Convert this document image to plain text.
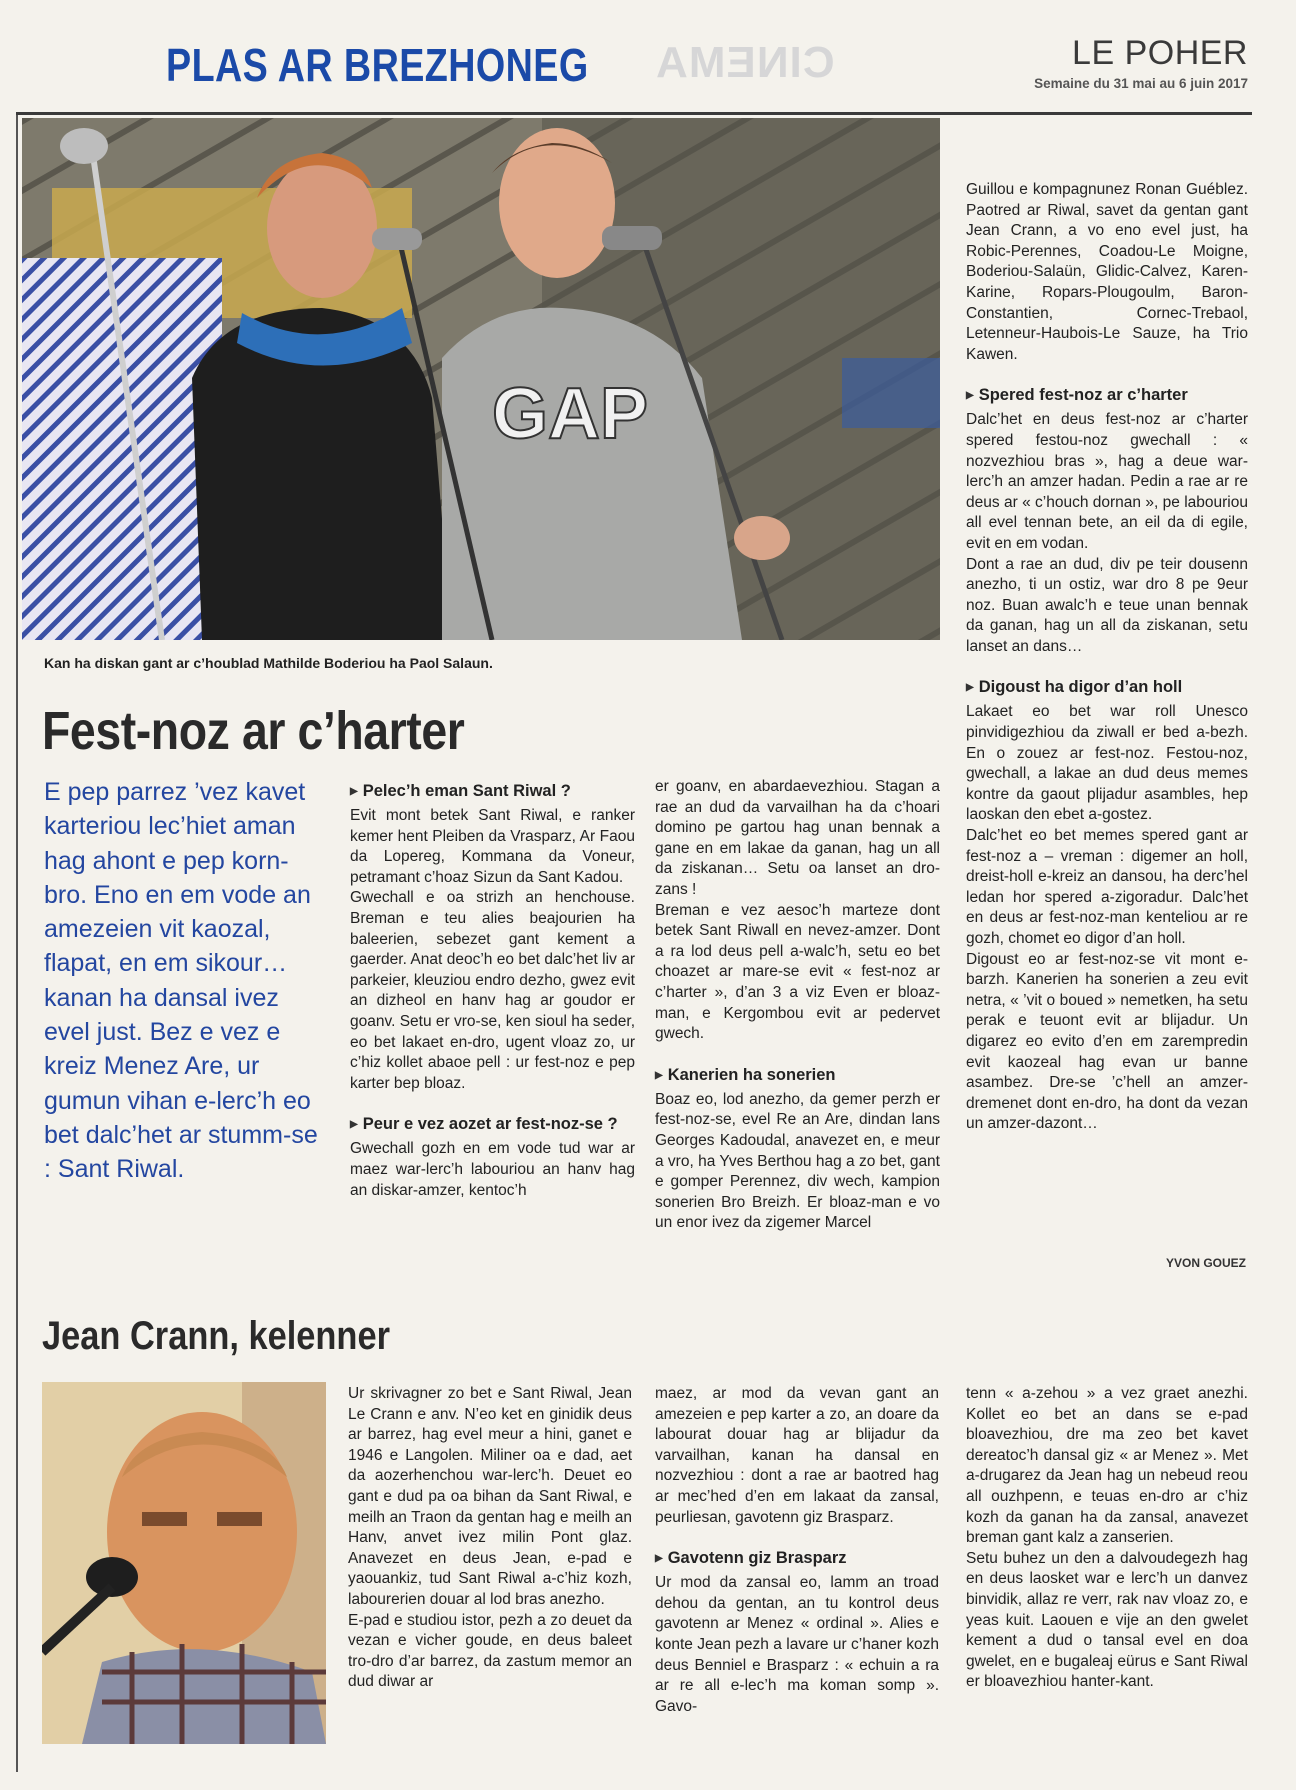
PLAS AR BREZHONEG CINEMA	LE POHER
Semaine du 31 mai au 6 juin 2017
GAP
Kan ha diskan gant ar c’houblad Mathilde Boderiou ha Paol Salaun.
Fest-noz ar c’harter
E pep parrez ’vez kavet karteriou lec’hiet aman hag ahont e pep korn-bro. Eno en em vode an amezeien vit kaozal, flapat, en em sikour… kanan ha dansal ivez evel just. Bez e vez e kreiz Menez Are, ur gumun vihan e-lerc’h eo bet dalc’het ar stumm-se : Sant Riwal.
▶ Pelec’h eman Sant Riwal ?

Evit mont betek Sant Riwal, e ranker kemer hent Pleiben da Vrasparz, Ar Faou da Lopereg, Kommana da Voneur, petramant c’hoaz Sizun da Sant Kadou.

Gwechall e oa strizh an henchouse. Breman e teu alies beajourien ha baleerien, sebezet gant kement a gaerder. Anat deoc’h eo bet dalc’het liv ar parkeier, kleuziou endro dezho, gwez evit an dizheol en hanv hag ar goudor er goanv. Setu er vro-se, ken sioul ha seder, eo bet lakaet en-dro, ugent vloaz zo, ur c’hiz kollet abaoe pell : ur fest-noz e pep karter bep bloaz.

▶ Peur e vez aozet ar fest-noz-se ?

Gwechall gozh en em vode tud war ar maez war-lerc’h labouriou an hanv hag an diskar-amzer, kentoc’h

er goanv, en abardaevezhiou. Stagan a rae an dud da varvailhan ha da c’hoari domino pe gartou hag unan bennak a gane en em lakae da ganan, hag un all da ziskanan… Setu oa lanset an dro-zans !

Breman e vez aesoc’h marteze dont betek Sant Riwall en nevez-amzer. Dont a ra lod deus pell a-walc’h, setu eo bet choazet ar mare-se evit « fest-noz ar c’harter », d’an 3 a viz Even er bloaz-man, e Kergombou evit ar pedervet gwech.

▶ Kanerien ha sonerien

Boaz eo, lod anezho, da gemer perzh er fest-noz-se, evel Re an Are, dindan lans Georges Kadoudal, anavezet en, e meur a vro, ha Yves Berthou hag a zo bet, gant e gomper Perennez, div wech, kampion sonerien Bro Breizh. Er bloaz-man e vo un enor ivez da zigemer Marcel

Guillou e kompagnunez Ronan Guéblez. Paotred ar Riwal, savet da gentan gant Jean Crann, a vo eno evel just, ha Robic-Perennes, Coadou-Le Moigne, Boderiou-Salaün, Glidic-Calvez, Karen-Karine, Ropars-Plougoulm, Baron-Constantien, Cornec-Trebaol, Letenneur-Haubois-Le Sauze, ha Trio Kawen.

▶ Spered fest-noz ar c’harter

Dalc’het en deus fest-noz ar c’harter spered festou-noz gwechall : « nozvezhiou bras », hag a deue war-lerc’h an amzer hadan. Pedin a rae ar re deus ar « c’houch dornan », pe labouriou all evel tennan bete, an eil da di egile, evit en em vodan.

Dont a rae an dud, div pe teir dousenn anezho, ti un ostiz, war dro 8 pe 9eur noz. Buan awalc’h e teue unan bennak da ganan, hag un all da ziskanan, setu lanset an dans…

▶ Digoust ha digor d’an holl

Lakaet eo bet war roll Unesco pinvidigezhiou da ziwall er bed a-bezh. En o zouez ar fest-noz. Festou-noz, gwechall, a lakae an dud deus memes kontre da gaout plijadur asambles, hep laoskan den ebet a-gostez.

Dalc’het eo bet memes spered gant ar fest-noz a – vreman : digemer an holl, dreist-holl e-kreiz an dansou, ha derc’hel ledan hor spered a-zigoradur. Dalc’het en deus ar fest-noz-man kenteliou ar re gozh, chomet eo digor d’an holl.

Digoust eo ar fest-noz-se vit mont e-barzh. Kanerien ha sonerien a zeu evit netra, « ’vit o boued » nemetken, ha setu perak e teuont evit ar blijadur. Un digarez eo evito d’en em zarempredin evit kaozeal hag evan ur banne asambez. Dre-se ’c’hell an amzer-dremenet dont en-dro, ha dont da vezan un amzer-dazont…

YVON GOUEZ
Jean Crann, kelenner

Ur skrivagner zo bet e Sant Riwal, Jean Le Crann e anv. N’eo ket en ginidik deus ar barrez, hag evel meur a hini, ganet e 1946 e Langolen. Miliner oa e dad, aet da aozerhenchou war-lerc’h. Deuet eo gant e dud pa oa bihan da Sant Riwal, e meilh an Traon da gentan hag e meilh an Hanv, anvet ivez milin Pont glaz. Anavezet en deus Jean, e-pad e yaouankiz, tud Sant Riwal a-c’hiz kozh, labourerien douar al lod bras anezho.

E-pad e studiou istor, pezh a zo deuet da vezan e vicher goude, en deus baleet tro-dro d’ar barrez, da zastum memor an dud diwar ar

maez, ar mod da vevan gant an amezeien e pep karter a zo, an doare da labourat douar hag ar blijadur da varvailhan, kanan ha dansal en nozvezhiou : dont a rae ar baotred hag ar mec’hed d’en em lakaat da zansal, peurliesan, gavotenn giz Brasparz.

▶ Gavotenn giz Brasparz

Ur mod da zansal eo, lamm an troad dehou da gentan, an tu kontrol deus gavotenn ar Menez « ordinal ». Alies e konte Jean pezh a lavare ur c’haner kozh deus Benniel e Brasparz : « echuin a ra ar re all e-lec’h ma koman somp ». Gavo-

tenn « a-zehou » a vez graet anezhi. Kollet eo bet an dans se e-pad bloavezhiou, dre ma zeo bet kavet dereatoc’h dansal giz « ar Menez ». Met a-drugarez da Jean hag un nebeud reou all ouzhpenn, e teuas en-dro ar c’hiz kozh da ganan ha da zansal, anavezet breman gant kalz a zanserien.

Setu buhez un den a dalvoudegezh hag en deus laosket war e lerc’h un danvez binvidik, allaz re verr, rak nav vloaz zo, e yeas kuit. Laouen e vije an den gwelet kement a dud o tansal evel en doa gwelet, en e bugaleaj eürus e Sant Riwal er bloavezhiou hanter-kant.
